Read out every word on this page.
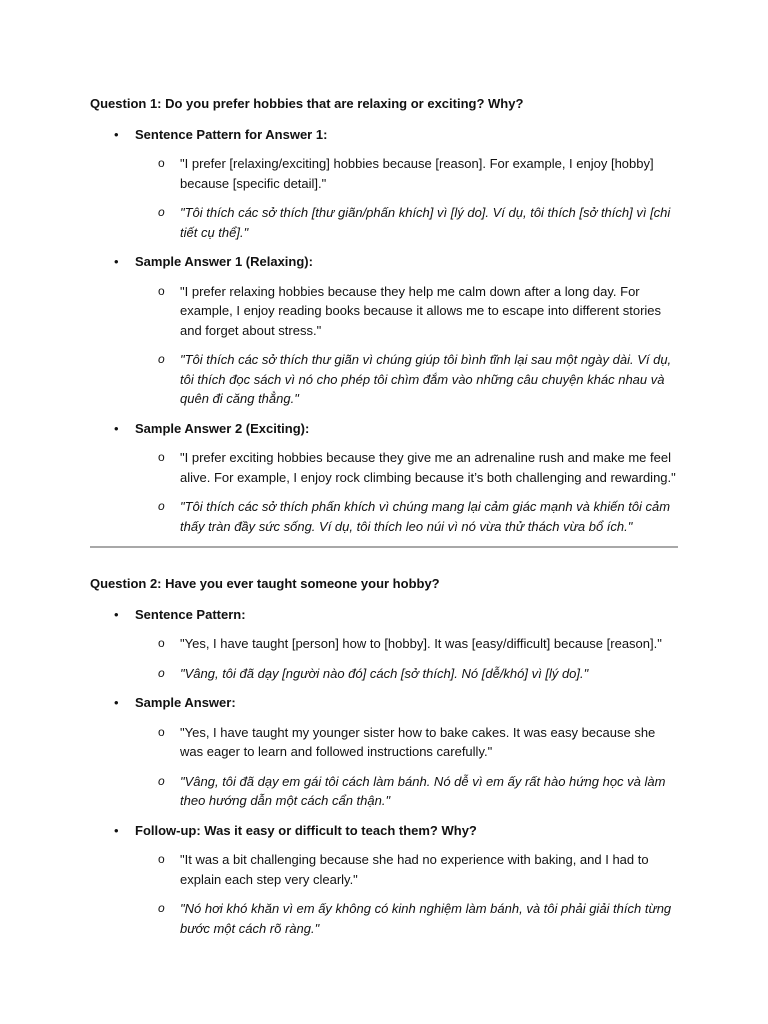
Question 1: Do you prefer hobbies that are relaxing or exciting? Why?
• Sentence Pattern for Answer 1:
o "I prefer [relaxing/exciting] hobbies because [reason]. For example, I enjoy [hobby] because [specific detail]."
o "Tôi thích các sở thích [thư giãn/phấn khích] vì [lý do]. Ví dụ, tôi thích [sở thích] vì [chi tiết cụ thể]."
• Sample Answer 1 (Relaxing):
o "I prefer relaxing hobbies because they help me calm down after a long day. For example, I enjoy reading books because it allows me to escape into different stories and forget about stress."
o "Tôi thích các sở thích thư giãn vì chúng giúp tôi bình tĩnh lại sau một ngày dài. Ví dụ, tôi thích đọc sách vì nó cho phép tôi chìm đắm vào những câu chuyện khác nhau và quên đi căng thẳng."
• Sample Answer 2 (Exciting):
o "I prefer exciting hobbies because they give me an adrenaline rush and make me feel alive. For example, I enjoy rock climbing because it’s both challenging and rewarding."
o "Tôi thích các sở thích phấn khích vì chúng mang lại cảm giác mạnh và khiến tôi cảm thấy tràn đầy sức sống. Ví dụ, tôi thích leo núi vì nó vừa thử thách vừa bổ ích."
Question 2: Have you ever taught someone your hobby?
• Sentence Pattern:
o "Yes, I have taught [person] how to [hobby]. It was [easy/difficult] because [reason]."
o "Vâng, tôi đã dạy [người nào đó] cách [sở thích]. Nó [dễ/khó] vì [lý do]."
• Sample Answer:
o "Yes, I have taught my younger sister how to bake cakes. It was easy because she was eager to learn and followed instructions carefully."
o "Vâng, tôi đã dạy em gái tôi cách làm bánh. Nó dễ vì em ấy rất hào hứng học và làm theo hướng dẫn một cách cẩn thận."
• Follow-up: Was it easy or difficult to teach them? Why?
o "It was a bit challenging because she had no experience with baking, and I had to explain each step very clearly."
o "Nó hơi khó khăn vì em ấy không có kinh nghiệm làm bánh, và tôi phải giải thích từng bước một cách rõ ràng."
